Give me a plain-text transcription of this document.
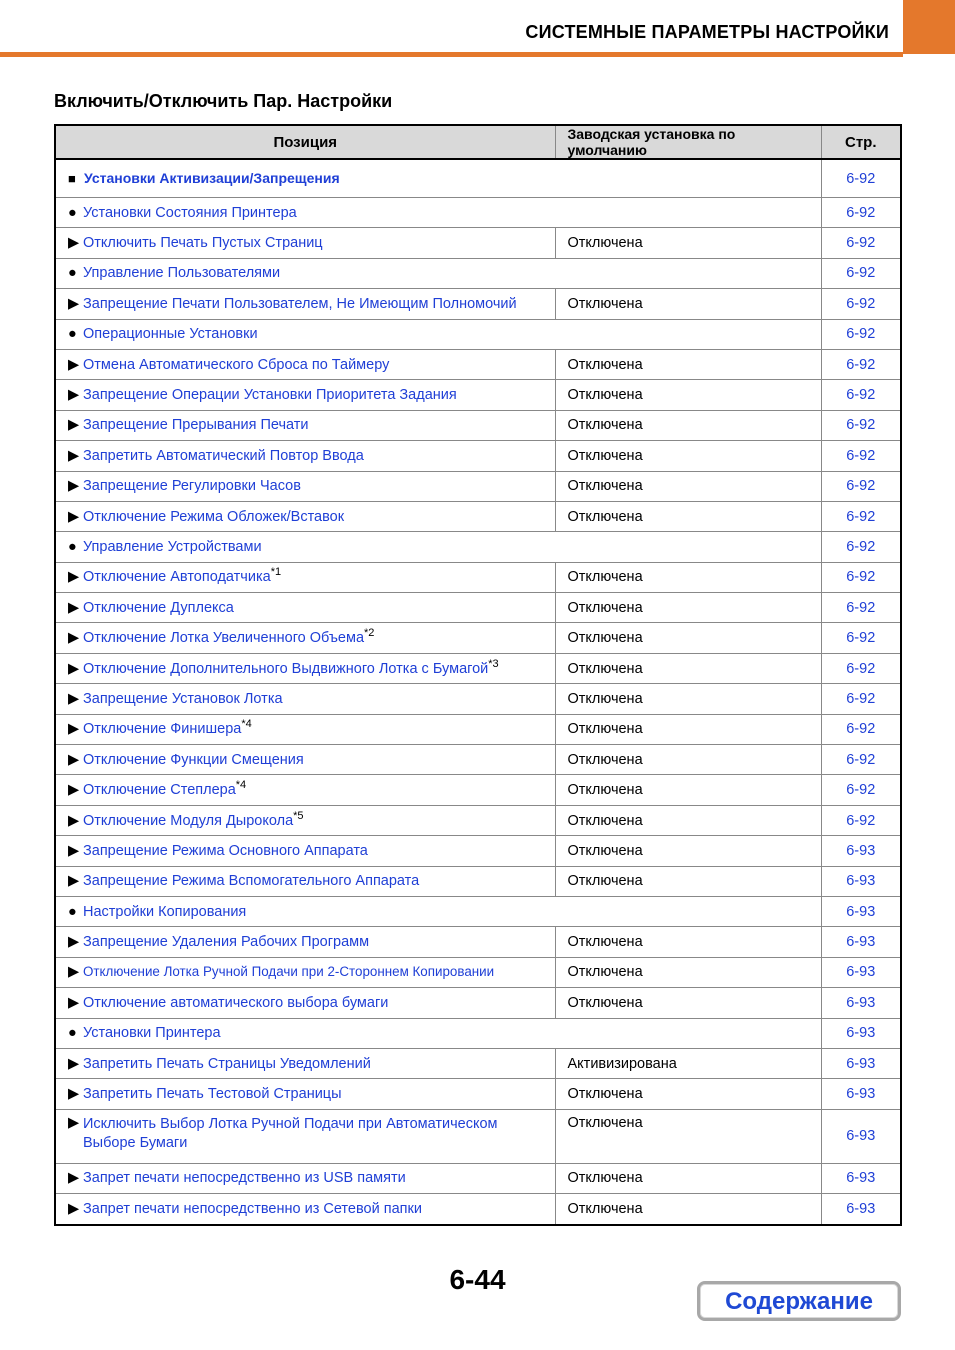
СИСТЕМНЫЕ ПАРАМЕТРЫ НАСТРОЙКИ
Включить/Отключить Пар. Настройки
Позиция	Заводская установка по умолчанию	Стр.
■ Установки Активизации/Запрещения		6-92
● Установки Состояния Принтера		6-92
▶ Отключить Печать Пустых Страниц	Отключена	6-92
● Управление Пользователями		6-92
▶ Запрещение Печати Пользователем, Не Имеющим Полномочий	Отключена	6-92
● Операционные Установки		6-92
▶ Отмена Автоматического Сброса по Таймеру	Отключена	6-92
▶ Запрещение Операции Установки Приоритета Задания	Отключена	6-92
▶ Запрещение Прерывания Печати	Отключена	6-92
▶ Запретить Автоматический Повтор Ввода	Отключена	6-92
▶ Запрещение Регулировки Часов	Отключена	6-92
▶ Отключение Режима Обложек/Вставок	Отключена	6-92
● Управление Устройствами		6-92
▶ Отключение Автоподатчика$^{*1}$	Отключена	6-92
▶ Отключение Дуплекса	Отключена	6-92
▶ Отключение Лотка Увеличенного Объема$^{*2}$	Отключена	6-92
▶ Отключение Дополнительного Выдвижного Лотка с Бумагой$^{*3}$	Отключена	6-92
▶ Запрещение Установок Лотка	Отключена	6-92
▶ Отключение Финишера$^{*4}$	Отключена	6-92
▶ Отключение Функции Смещения	Отключена	6-92
▶ Отключение Степлера$^{*4}$	Отключена	6-92
▶ Отключение Модуля Дырокола$^{*5}$	Отключена	6-92
▶ Запрещение Режима Основного Аппарата	Отключена	6-93
▶ Запрещение Режима Вспомогательного Аппарата	Отключена	6-93
● Настройки Копирования		6-93
▶ Запрещение Удаления Рабочих Программ	Отключена	6-93
▶ Отключение Лотка Ручной Подачи при 2-Стороннем Копировании	Отключена	6-93
▶ Отключение автоматического выбора бумаги	Отключена	6-93
● Установки Принтера		6-93
▶ Запретить Печать Страницы Уведомлений	Активизирована	6-93
▶ Запретить Печать Тестовой Страницы	Отключена	6-93
▶ Исключить Выбор Лотка Ручной Подачи при Автоматическом Выборе Бумаги	Отключена	6-93
▶ Запрет печати непосредственно из USB памяти	Отключена	6-93
▶ Запрет печати непосредственно из Сетевой папки	Отключена	6-93
6-44
Содержание
